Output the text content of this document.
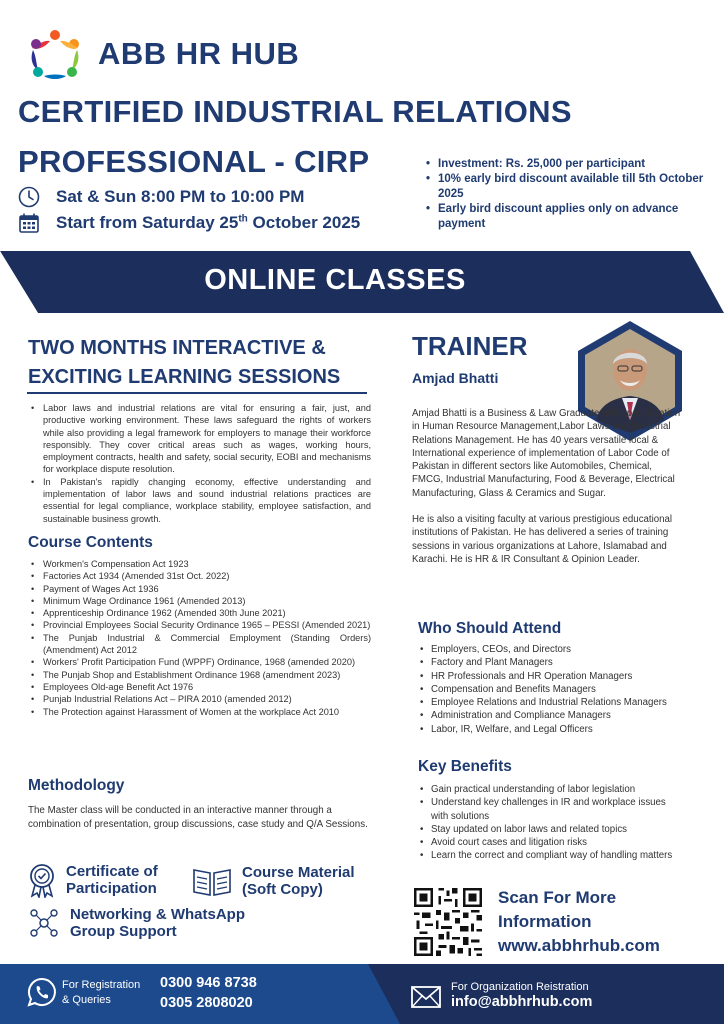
ABB HR HUB
CERTIFIED INDUSTRIAL RELATIONS
PROFESSIONAL - CIRP
Sat & Sun 8:00 PM to 10:00 PM
Start from Saturday 25th October 2025
• Investment: Rs. 25,000 per participant
• 10% early bird discount available till 5th October 2025
• Early bird discount applies only on advance payment
ONLINE CLASSES
TWO MONTHS INTERACTIVE &
EXCITING LEARNING SESSIONS
• Labor laws and industrial relations are vital for ensuring a fair, just, and productive working environment. These laws safeguard the rights of workers while also providing a legal framework for employers to manage their workforce responsibly. They cover critical areas such as wages, working hours, employment contracts, health and safety, social security, EOBI and mechanisms for workplace dispute resolution.
• In Pakistan's rapidly changing economy, effective understanding and implementation of labor laws and sound industrial relations practices are essential for legal compliance, workplace stability, employee satisfaction, and sustainable business growth.
Course Contents
• Workmen's Compensation Act 1923
• Factories Act 1934 (Amended 31st Oct. 2022)
• Payment of Wages Act 1936
• Minimum Wage Ordinance 1961 (Amended 2013)
• Apprenticeship Ordinance 1962 (Amended 30th June 2021)
• Provincial Employees Social Security Ordinance 1965 – PESSI (Amended 2021)
• The Punjab Industrial & Commercial Employment (Standing Orders) (Amendment) Act 2012
• Workers' Profit Participation Fund (WPPF) Ordinance, 1968 (amended 2020)
• The Punjab Shop and Establishment Ordinance 1968 (amendment 2023)
• Employees Old-age Benefit Act 1976
• Punjab Industrial Relations Act – PIRA 2010 (amended 2012)
• The Protection against Harassment of Women at the workplace Act 2010
Methodology
The Master class will be conducted in an interactive manner through a combination of presentation, group discussions, case study and Q/A Sessions.
Certificate of
Participation
Course Material
(Soft Copy)
Networking & WhatsApp
Group Support
TRAINER
Amjad Bhatti

Amjad Bhatti is a Business & Law Graduate with specialization in Human Resource Management,Labor Laws and Industrial Relations Management. He has 40 years versatile local & International experience of implementation of Labor Code of Pakistan in different sectors like Automobiles, Chemical, FMCG, Industrial Manufacturing, Food & Beverage, Electrical Manufacturing, Glass & Ceramics and Sugar.

He is also a visiting faculty at various prestigious educational institutions of Pakistan. He has delivered a series of training sessions in various organizations at Lahore, Islamabad and Karachi. He is HR & IR Consultant & Opinion Leader.

Who Should Attend
• Employers, CEOs, and Directors
• Factory and Plant Managers
• HR Professionals and HR Operation Managers
• Compensation and Benefits Managers
• Employee Relations and Industrial Relations Managers
• Administration and Compliance Managers
• Labor, IR, Welfare, and Legal Officers
Key Benefits
• Gain practical understanding of labor legislation
• Understand key challenges in IR and workplace issues with solutions
• Stay updated on labor laws and related topics
• Avoid court cases and litigation risks
• Learn the correct and compliant way of handling matters
Scan For More
Information
www.abbhrhub.com
For Registration
& Queries
0300 946 8738
0305 2808020
For Organization Reistration
info@abbhrhub.com
